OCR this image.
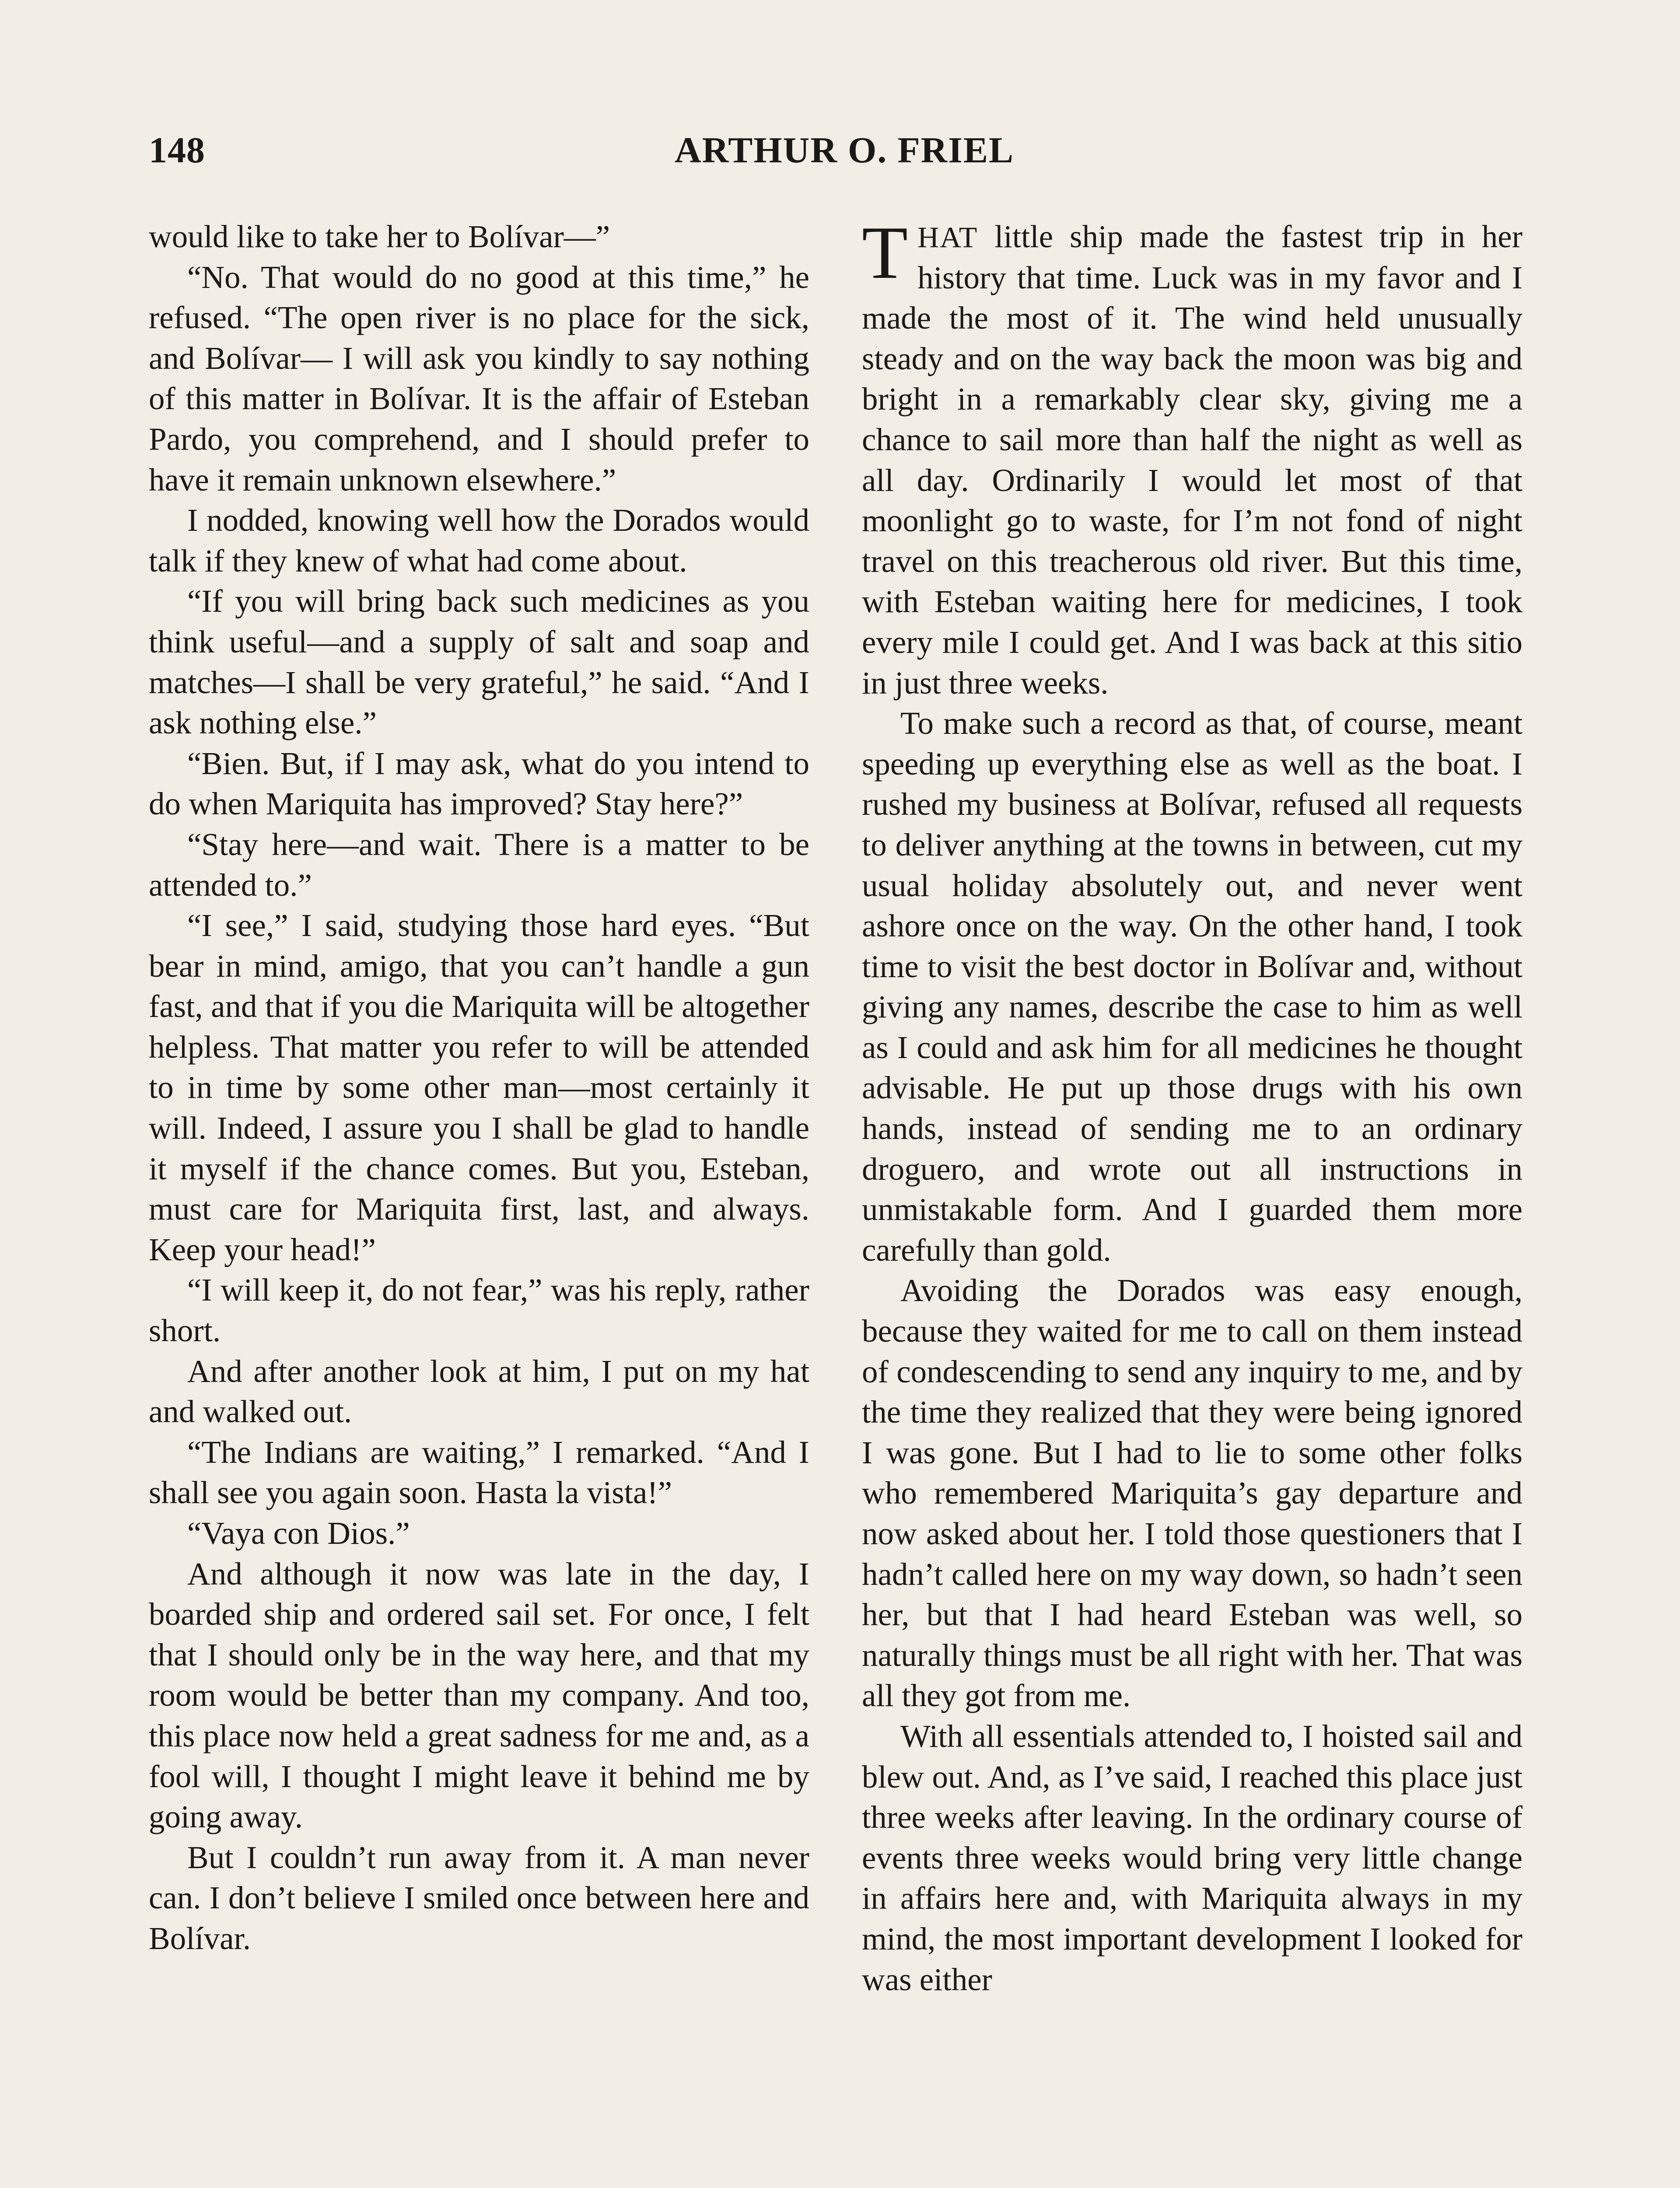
148	ARTHUR O. FRIEL

would like to take her to Bolívar—”

“No. That would do no good at this time,” he refused. “The open river is no place for the sick, and Bolívar— I will ask you kindly to say nothing of this matter in Bolívar. It is the affair of Esteban Pardo, you comprehend, and I should prefer to have it remain unknown elsewhere.”

I nodded, knowing well how the Dorados would talk if they knew of what had come about.

“If you will bring back such medicines as you think useful—and a supply of salt and soap and matches—I shall be very grateful,” he said. “And I ask nothing else.”

“Bien. But, if I may ask, what do you intend to do when Mariquita has improved? Stay here?”

“Stay here—and wait. There is a matter to be attended to.”

“I see,” I said, studying those hard eyes. “But bear in mind, amigo, that you can’t handle a gun fast, and that if you die Mariquita will be altogether helpless. That matter you refer to will be attended to in time by some other man—most certainly it will. Indeed, I assure you I shall be glad to handle it myself if the chance comes. But you, Esteban, must care for Mariquita first, last, and always. Keep your head!”

“I will keep it, do not fear,” was his reply, rather short.

And after another look at him, I put on my hat and walked out.

“The Indians are waiting,” I remarked. “And I shall see you again soon. Hasta la vista!”

“Vaya con Dios.”

And although it now was late in the day, I boarded ship and ordered sail set. For once, I felt that I should only be in the way here, and that my room would be better than my company. And too, this place now held a great sadness for me and, as a fool will, I thought I might leave it behind me by going away.

But I couldn’t run away from it. A man never can. I don’t believe I smiled once between here and Bolívar.

THAT little ship made the fastest trip in her history that time. Luck was in my favor and I made the most of it. The wind held unusually steady and on the way back the moon was big and bright in a remarkably clear sky, giving me a chance to sail more than half the night as well as all day. Ordinarily I would let most of that moonlight go to waste, for I’m not fond of night travel on this treacherous old river. But this time, with Esteban waiting here for medicines, I took every mile I could get. And I was back at this sitio in just three weeks.

To make such a record as that, of course, meant speeding up everything else as well as the boat. I rushed my business at Bolívar, refused all requests to deliver anything at the towns in between, cut my usual holiday absolutely out, and never went ashore once on the way. On the other hand, I took time to visit the best doctor in Bolívar and, without giving any names, describe the case to him as well as I could and ask him for all medicines he thought advisable. He put up those drugs with his own hands, instead of sending me to an ordinary droguero, and wrote out all instructions in unmistakable form. And I guarded them more carefully than gold.

Avoiding the Dorados was easy enough, because they waited for me to call on them instead of condescending to send any inquiry to me, and by the time they realized that they were being ignored I was gone. But I had to lie to some other folks who remembered Mariquita’s gay departure and now asked about her. I told those questioners that I hadn’t called here on my way down, so hadn’t seen her, but that I had heard Esteban was well, so naturally things must be all right with her. That was all they got from me.

With all essentials attended to, I hoisted sail and blew out. And, as I’ve said, I reached this place just three weeks after leaving. In the ordinary course of events three weeks would bring very little change in affairs here and, with Mariquita always in my mind, the most important development I looked for was either
